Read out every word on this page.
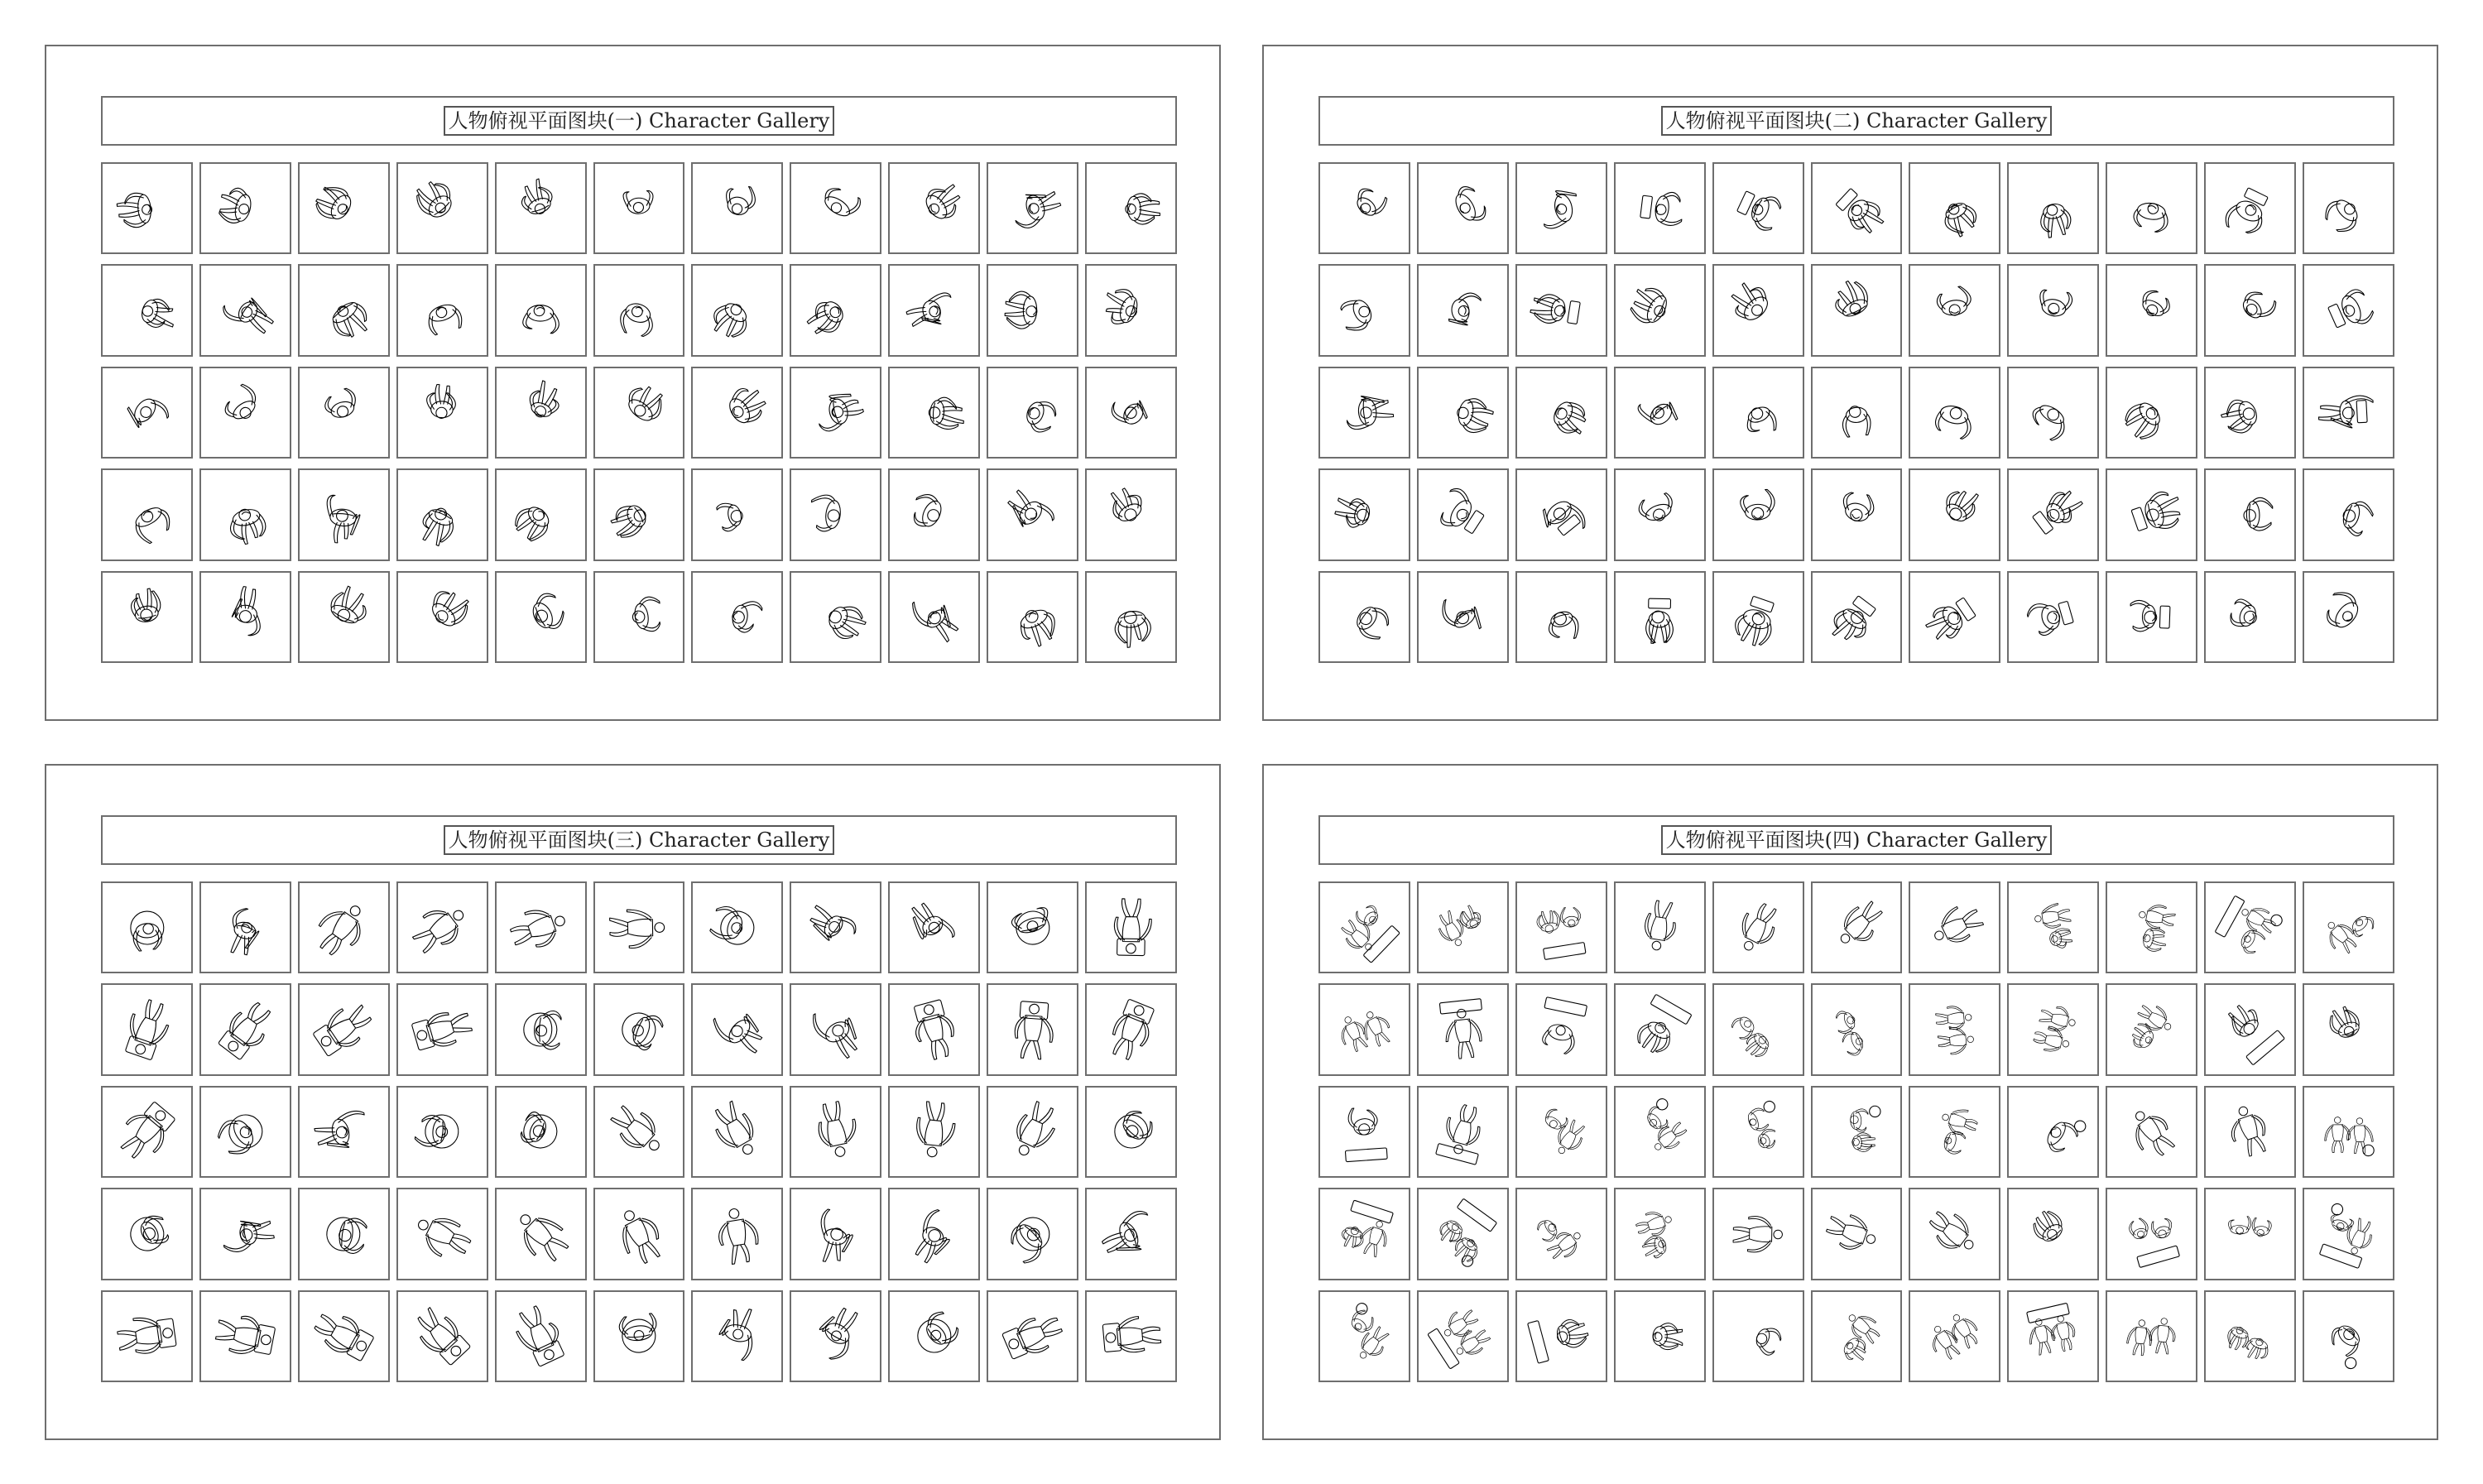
人物俯视平面图块(一) Character Gallery	人物俯视平面图块(二) Character Gallery
人物俯视平面图块(三) Character Gallery	人物俯视平面图块(四) Character Gallery
